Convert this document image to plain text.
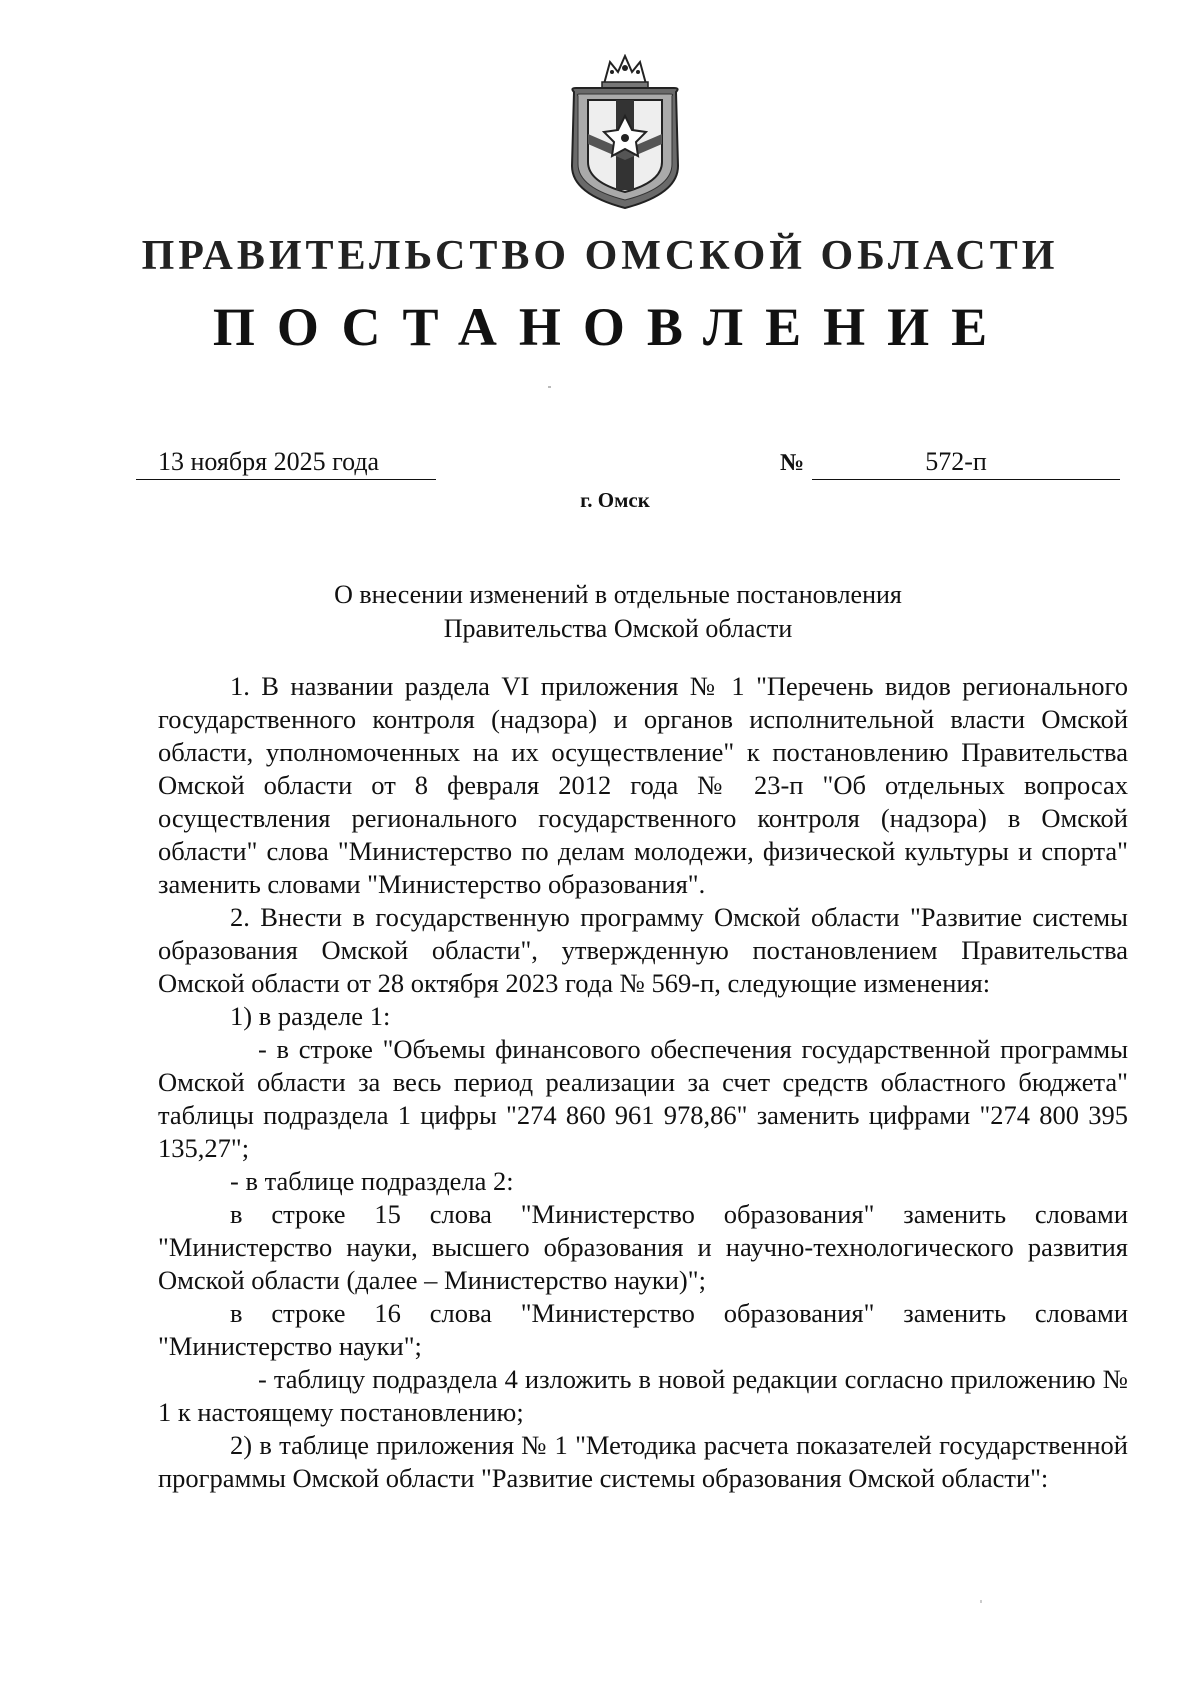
ПРАВИТЕЛЬСТВО ОМСКОЙ ОБЛАСТИ
ПОСТАНОВЛЕНИЕ
13 ноября 2025 года	№	572-п
г. Омск
О внесении изменений в отдельные постановления
Правительства Омской области

1. В названии раздела VI приложения № 1 "Перечень видов регионального государственного контроля (надзора) и органов исполнительной власти Омской области, уполномоченных на их осуществление" к постановлению Правительства Омской области от 8 февраля 2012 года № 23-п "Об отдельных вопросах осуществления регионального государственного контроля (надзора) в Омской области" слова "Министерство по делам молодежи, физической культуры и спорта" заменить словами "Министерство образования".

2. Внести в государственную программу Омской области "Развитие системы образования Омской области", утвержденную постановлением Правительства Омской области от 28 октября 2023 года № 569-п, следующие изменения:

1) в разделе 1:

- в строке "Объемы финансового обеспечения государственной программы Омской области за весь период реализации за счет средств областного бюджета" таблицы подраздела 1 цифры "274 860 961 978,86" заменить цифрами "274 800 395 135,27";

- в таблице подраздела 2:

в строке 15 слова "Министерство образования" заменить словами "Министерство науки, высшего образования и научно-технологического развития Омской области (далее – Министерство науки)";

в строке 16 слова "Министерство образования" заменить словами "Министерство науки";

- таблицу подраздела 4 изложить в новой редакции согласно приложению № 1 к настоящему постановлению;

2) в таблице приложения № 1 "Методика расчета показателей государственной программы Омской области "Развитие системы образования Омской области":
